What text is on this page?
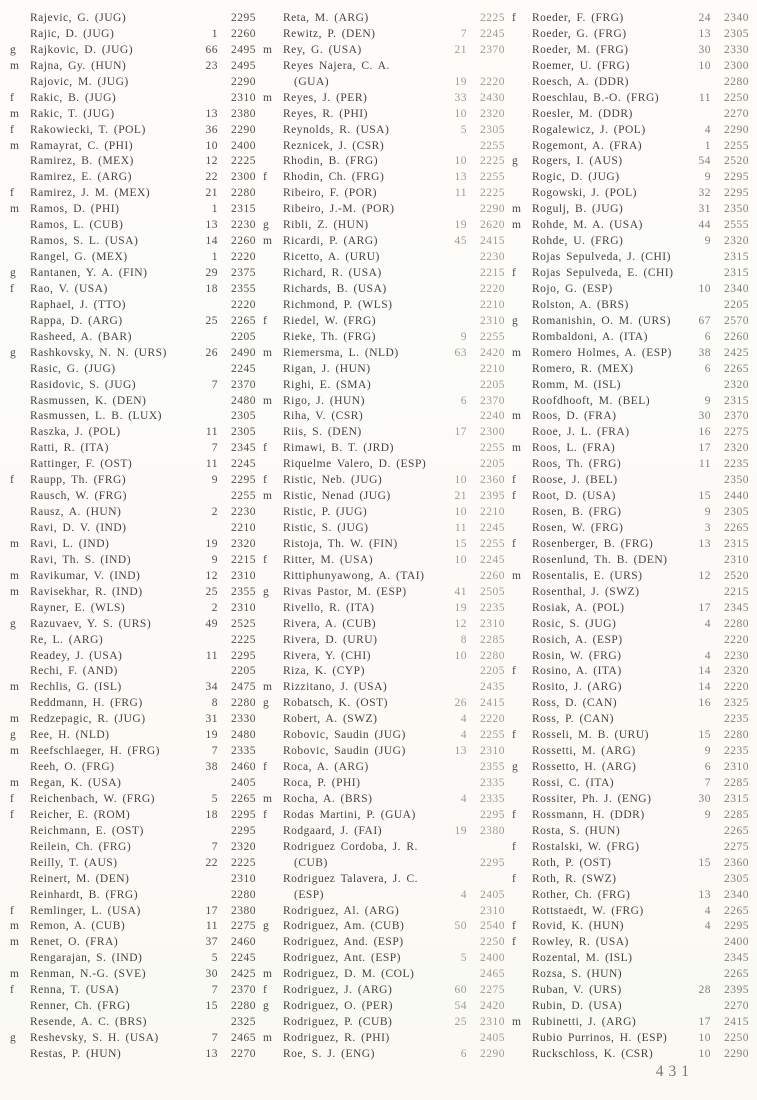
Rajevic, G. (JUG)	2295
Rajic, D. (JUG)	1	2260
g	Rajkovic, D. (JUG)	66	2495
m Rajna, Gy. (HUN)	23	2495
Rajovic, M. (JUG)	2290
f	Rakic, B. (JUG)	2310
m Rakic, T. (JUG)	13	2380
f	Rakowiecki, T. (POL)	36	2290
m Ramayrat, C. (PHI)	10	2400
Ramirez, B. (MEX)	12	2225
Ramirez, E. (ARG)	22	2300
f	Ramirez, J. M. (MEX)	21	2280
m Ramos, D. (PHI)	1	2315
Ramos, L. (CUB)	13	2230
Ramos, S. L. (USA)	14	2260
Rangel, G. (MEX)	1	2220
g	Rantanen, Y. A. (FIN)	29	2375
f	Rao, V. (USA)	18	2355
Raphael, J. (TTO)	2220
Rappa, D. (ARG)	25	2265
Rasheed, A. (BAR)	2205
g	Rashkovsky, N. N. (URS)	26	2490
Rasic, G. (JUG)	2245
Rasidovic, S. (JUG)	7	2370
Rasmussen, K. (DEN)	2480
Rasmussen, L. B. (LUX)	2305
Raszka, J. (POL)	11	2305
Ratti, R. (ITA)	7	2345
Rattinger, F. (OST)	11	2245
f	Raupp, Th. (FRG)	9	2295
Rausch, W. (FRG)	2255
Rausz, A. (HUN)	2	2230
Ravi, D. V. (IND)	2210
m Ravi, L. (IND)	19	2320
Ravi, Th. S. (IND)	9	2215
m Ravikumar, V. (IND)	12	2310
m Ravisekhar, R. (IND)	25	2355
Rayner, E. (WLS)	2	2310
g	Razuvaev, Y. S. (URS)	49	2525
Re, L. (ARG)	2225
Readey, J. (USA)	11	2295
Rechi, F. (AND)	2205
m Rechlis, G. (ISL)	34	2475
Reddmann, H. (FRG)	8	2280
m Redzepagic, R. (JUG)	31	2330
g	Ree, H. (NLD)	19	2480
m Reefschlaeger, H. (FRG)	7	2335
Reeh, O. (FRG)	38	2460
m Regan, K. (USA)	2405
f	Reichenbach, W. (FRG)	5	2265
f	Reicher, E. (ROM)	18	2295
Reichmann, E. (OST)	2295
Reilein, Ch. (FRG)	7	2320
Reilly, T. (AUS)	22	2225
Reinert, M. (DEN)	2310
Reinhardt, B. (FRG)	2280
f	Remlinger, L. (USA)	17	2380
m Remon, A. (CUB)	11	2275
m Renet, O. (FRA)	37	2460
Rengarajan, S. (IND)	5	2245
m Renman, N.-G. (SVE)	30	2425
f	Renna, T. (USA)	7	2370
Renner, Ch. (FRG)	15	2280
Resende, A. C. (BRS)	2325
g	Reshevsky, S. H. (USA)	7	2465
Restas, P. (HUN)	13	2270
Reta, M. (ARG)	2225
Rewitz, P. (DEN)	7	2245
m Rey, G. (USA)	21	2370
Reyes Najera, C. A.
(GUA)	19	2220
m Reyes, J. (PER)	33	2430
Reyes, R. (PHI)	10	2320
Reynolds, R. (USA)	5	2305
Reznicek, J. (CSR)	2255
Rhodin, B. (FRG)	10	2225
f	Rhodin, Ch. (FRG)	13	2255
Ribeiro, F. (POR)	11	2225
Ribeiro, J.-M. (POR)	2290
g	Ribli, Z. (HUN)	19	2620
m Ricardi, P. (ARG)	45	2415
Ricetto, A. (URU)	2230
Richard, R. (USA)	2215
Richards, B. (USA)	2220
Richmond, P. (WLS)	2210
f	Riedel, W. (FRG)	2310
Rieke, Th. (FRG)	9	2255
m Riemersma, L. (NLD)	63	2420
Rigan, J. (HUN)	2210
Righi, E. (SMA)	2205
m Rigo, J. (HUN)	6	2370
Riha, V. (CSR)	2240
Riis, S. (DEN)	17	2300
f	Rimawi, B. T. (JRD)	2255
Riquelme Valero, D. (ESP)	2205
f	Ristic, Neb. (JUG)	10	2360
m Ristic, Nenad (JUG)	21	2395
Ristic, P. (JUG)	10	2210
Ristic, S. (JUG)	11	2245
Ristoja, Th. W. (FIN)	15	2255
f	Ritter, M. (USA)	10	2245
Rittiphunyawong, A. (TAI)	2260
g	Rivas Pastor, M. (ESP)	41	2505
Rivello, R. (ITA)	19	2235
Rivera, A. (CUB)	12	2310
Rivera, D. (URU)	8	2285
Rivera, Y. (CHI)	10	2280
Riza, K. (CYP)	2205
m Rizzitano, J. (USA)	2435
g	Robatsch, K. (OST)	26	2415
Robert, A. (SWZ)	4	2220
Robovic, Saudin (JUG)	4	2255
Robovic, Saudin (JUG)	13	2310
f	Roca, A. (ARG)	2355
Roca, P. (PHI)	2335
m Rocha, A. (BRS)	4	2335
f	Rodas Martini, P. (GUA)	2295
Rodgaard, J. (FAI)	19	2380
Rodriguez Cordoba, J. R.
(CUB)	2295
Rodriguez Talavera, J. C.
(ESP)	4	2405
Rodriguez, Al. (ARG)	2310
g	Rodriguez, Am. (CUB)	50	2540
Rodriguez, And. (ESP)	2250
Rodriguez, Ant. (ESP)	5	2400
m Rodriguez, D. M. (COL)	2465
f	Rodriguez, J. (ARG)	60	2275
g	Rodriguez, O. (PER)	54	2420
Rodriguez, P. (CUB)	25	2310
m Rodriguez, R. (PHI)	2405
Roe, S. J. (ENG)	6	2290
f	Roeder, F. (FRG)	24	2340
Roeder, G. (FRG)	13	2305
Roeder, M. (FRG)	30	2330
Roemer, U. (FRG)	10	2300
Roesch, A. (DDR)	2280
Roeschlau, B.-O. (FRG)	11	2250
Roesler, M. (DDR)	2270
Rogalewicz, J. (POL)	4	2290
Rogemont, A. (FRA)	1	2255
g	Rogers, I. (AUS)	54	2520
Rogic, D. (JUG)	9	2295
Rogowski, J. (POL)	32	2295
m Rogulj, B. (JUG)	31	2350
m Rohde, M. A. (USA)	44	2555
Rohde, U. (FRG)	9	2320
Rojas Sepulveda, J. (CHI)	2315
f	Rojas Sepulveda, E. (CHI)	2315
Rojo, G. (ESP)	10	2340
Rolston, A. (BRS)	2205
g	Romanishin, O. M. (URS)	67	2570
Rombaldoni, A. (ITA)	6	2260
m Romero Holmes, A. (ESP)	38	2425
Romero, R. (MEX)	6	2265
Romm, M. (ISL)	2320
Roofdhooft, M. (BEL)	9	2315
m Roos, D. (FRA)	30	2370
Rooe, J. L. (FRA)	16	2275
m Roos, L. (FRA)	17	2320
Roos, Th. (FRG)	11	2235
f	Roose, J. (BEL)	2350
f	Root, D. (USA)	15	2440
Rosen, B. (FRG)	9	2305
Rosen, W. (FRG)	3	2265
f	Rosenberger, B. (FRG)	13	2315
Rosenlund, Th. B. (DEN)	2310
m Rosentalis, E. (URS)	12	2520
Rosenthal, J. (SWZ)	2215
Rosiak, A. (POL)	17	2345
Rosic, S. (JUG)	4	2280
Rosich, A. (ESP)	2220
Rosin, W. (FRG)	4	2230
f	Rosino, A. (ITA)	14	2320
Rosito, J. (ARG)	14	2220
Ross, D. (CAN)	16	2325
Ross, P. (CAN)	2235
f	Rosseli, M. B. (URU)	15	2280
Rossetti, M. (ARG)	9	2235
g	Rossetto, H. (ARG)	6	2310
Rossi, C. (ITA)	7	2285
Rossiter, Ph. J. (ENG)	30	2315
f	Rossmann, H. (DDR)	9	2285
Rosta, S. (HUN)	2265
f	Rostalski, W. (FRG)	2275
Roth, P. (OST)	15	2360
f	Roth, R. (SWZ)	2305
Rother, Ch. (FRG)	13	2340
Rottstaedt, W. (FRG)	4	2265
f	Rovid, K. (HUN)	4	2295
f	Rowley, R. (USA)	2400
Rozental, M. (ISL)	2345
Rozsa, S. (HUN)	2265
Ruban, V. (URS)	28	2395
Rubin, D. (USA)	2270
m Rubinetti, J. (ARG)	17	2415
Rubio Purrinos, H. (ESP)	10	2250
Ruckschloss, K. (CSR)	10	2290
431
